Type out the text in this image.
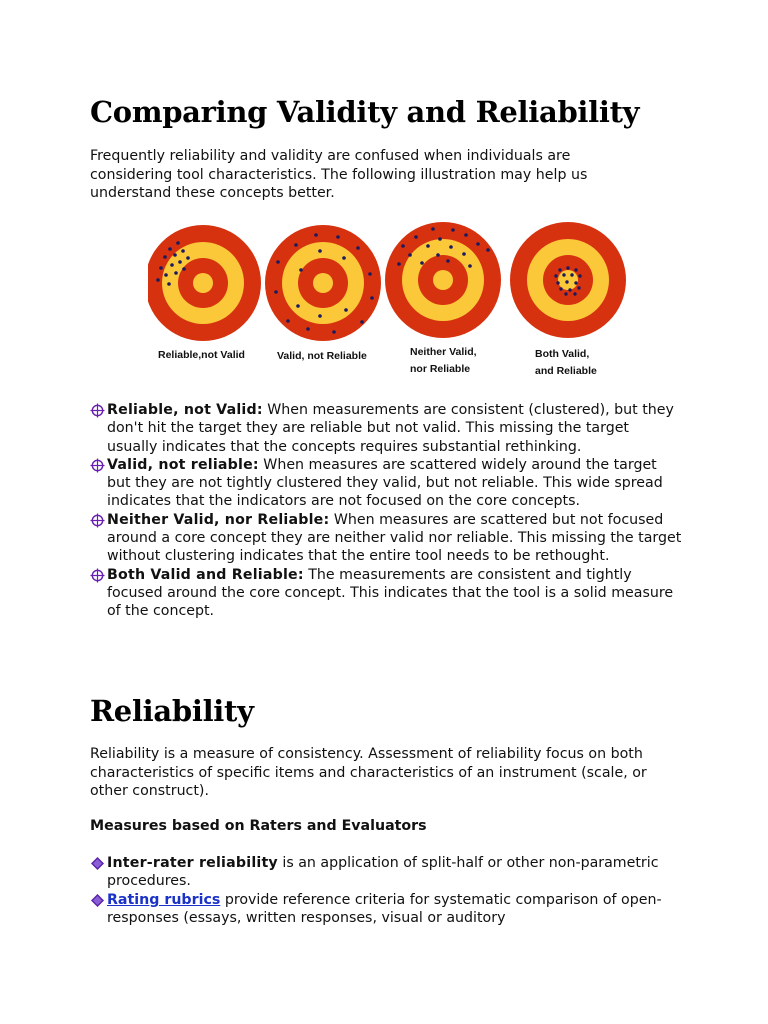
Comparing Validity and Reliability
Frequently reliability and validity are confused when individuals are considering tool characteristics. The following illustration may help us understand these concepts better.
Reliable,not Valid	Valid, not Reliable	Neither Valid,
nor Reliable
Both Valid,
and Reliable
Reliable, not Valid: When measurements are consistent (clustered), but they don't hit the target they are reliable but not valid. This missing the target usually indicates that the concepts requires substantial rethinking.
Valid, not reliable: When measures are scattered widely around the target but they are not tightly clustered they valid, but not reliable. This wide spread indicates that the indicators are not focused on the core concepts.
Neither Valid, nor Reliable: When measures are scattered but not focused around a core concept they are neither valid nor reliable. This missing the target without clustering indicates that the entire tool needs to be rethought.
Both Valid and Reliable: The measurements are consistent and tightly focused around the core concept. This indicates that the tool is a solid measure of the concept.
Reliability
Reliability is a measure of consistency. Assessment of reliability focus on both characteristics of specific items and characteristics of an instrument (scale, or other construct).
Measures based on Raters and Evaluators
Inter-rater reliability is an application of split-half or other non-parametric procedures.
Rating rubrics provide reference criteria for systematic comparison of open-responses (essays, written responses, visual or auditory
